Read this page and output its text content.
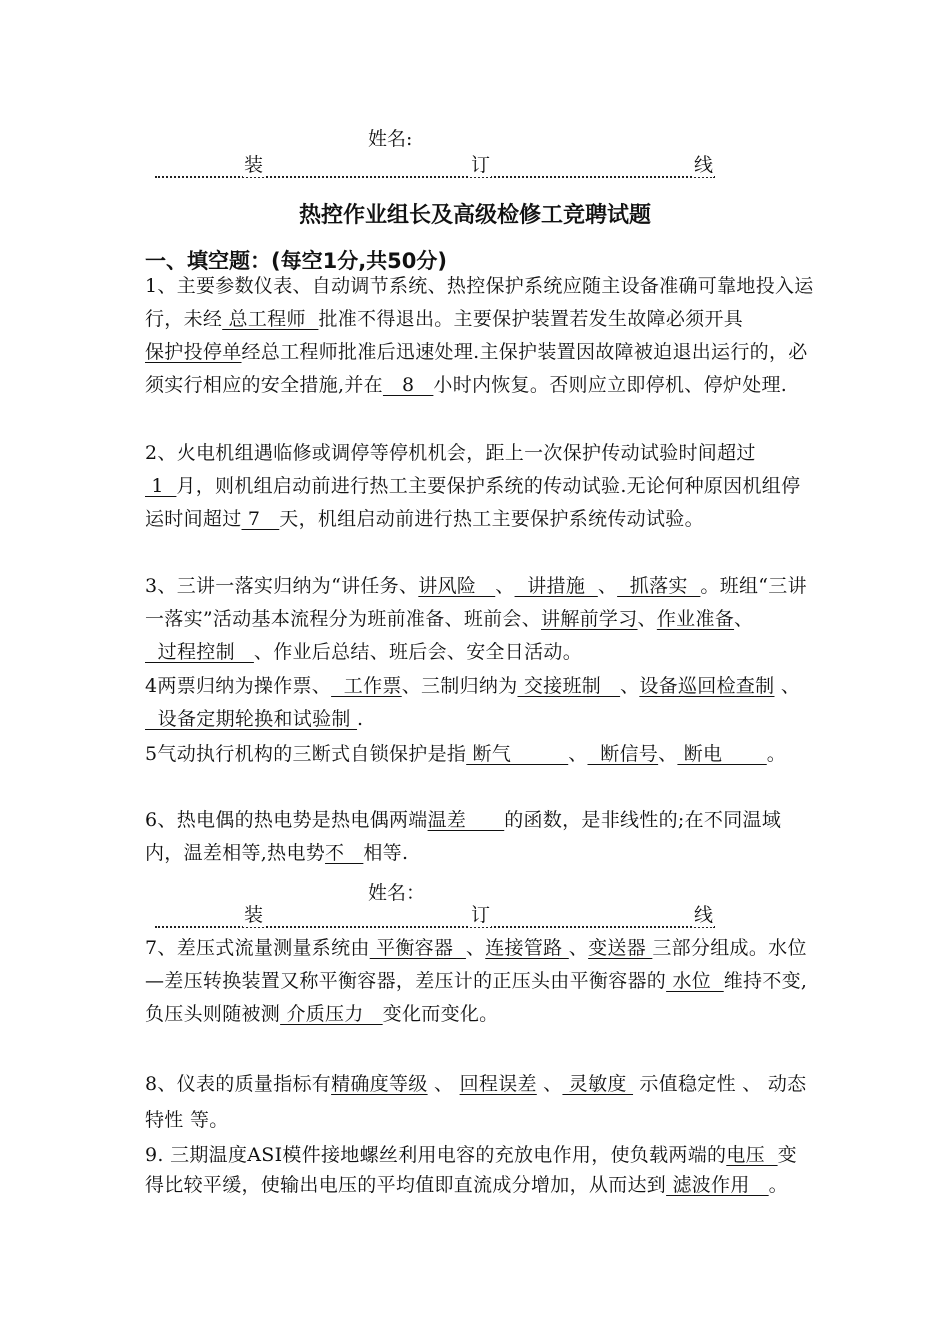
姓名:
装	订	线
热控作业组长及高级检修工竞聘试题
一、填空题：(每空1分,共50分)

1、主要参数仪表、自动调节系统、热控保护系统应随主设备准确可靠地投入运行，未经 总工程师  批准不得退出。主要保护装置若发生故障必须开具保护投停单经总工程师批准后迅速处理.主保护装置因故障被迫退出运行的，必须实行相应的安全措施,并在   8   小时内恢复。否则应立即停机、停炉处理.

2、火电机组遇临修或调停等停机机会，距上一次保护传动试验时间超过 1  月，则机组启动前进行热工主要保护系统的传动试验.无论何种原因机组停运时间超过 7   天，机组启动前进行热工主要保护系统传动试验。

3、三讲一落实归纳为“讲任务、讲风险   、  讲措施  、  抓落实  。班组“三讲一落实”活动基本流程分为班前准备、班前会、讲解前学习、作业准备、  过程控制   、作业后总结、班后会、安全日活动。

4两票归纳为操作票、  工作票、三制归纳为 交接班制   、设备巡回检查制 、  设备定期轮换和试验制 .

5气动执行机构的三断式自锁保护是指 断气         、  断信号、 断电       。

6、热电偶的热电势是热电偶两端温差      的函数，是非线性的;在不同温域内，温差相等,热电势不   相等.

姓名：
装	订	线

7、差压式流量测量系统由 平衡容器  、连接管路 、变送器 三部分组成。水位—差压转换装置又称平衡容器，差压计的正压头由平衡容器的 水位  维持不变,负压头则随被测 介质压力   变化而变化。

8、仪表的质量指标有精确度等级 、 回程误差 、 灵敏度  示值稳定性 、 动态特性 等。

9. 三期温度ASI模件接地螺丝利用电容的充放电作用，使负载两端的电压  变得比较平缓，使输出电压的平均值即直流成分增加，从而达到 滤波作用   。
